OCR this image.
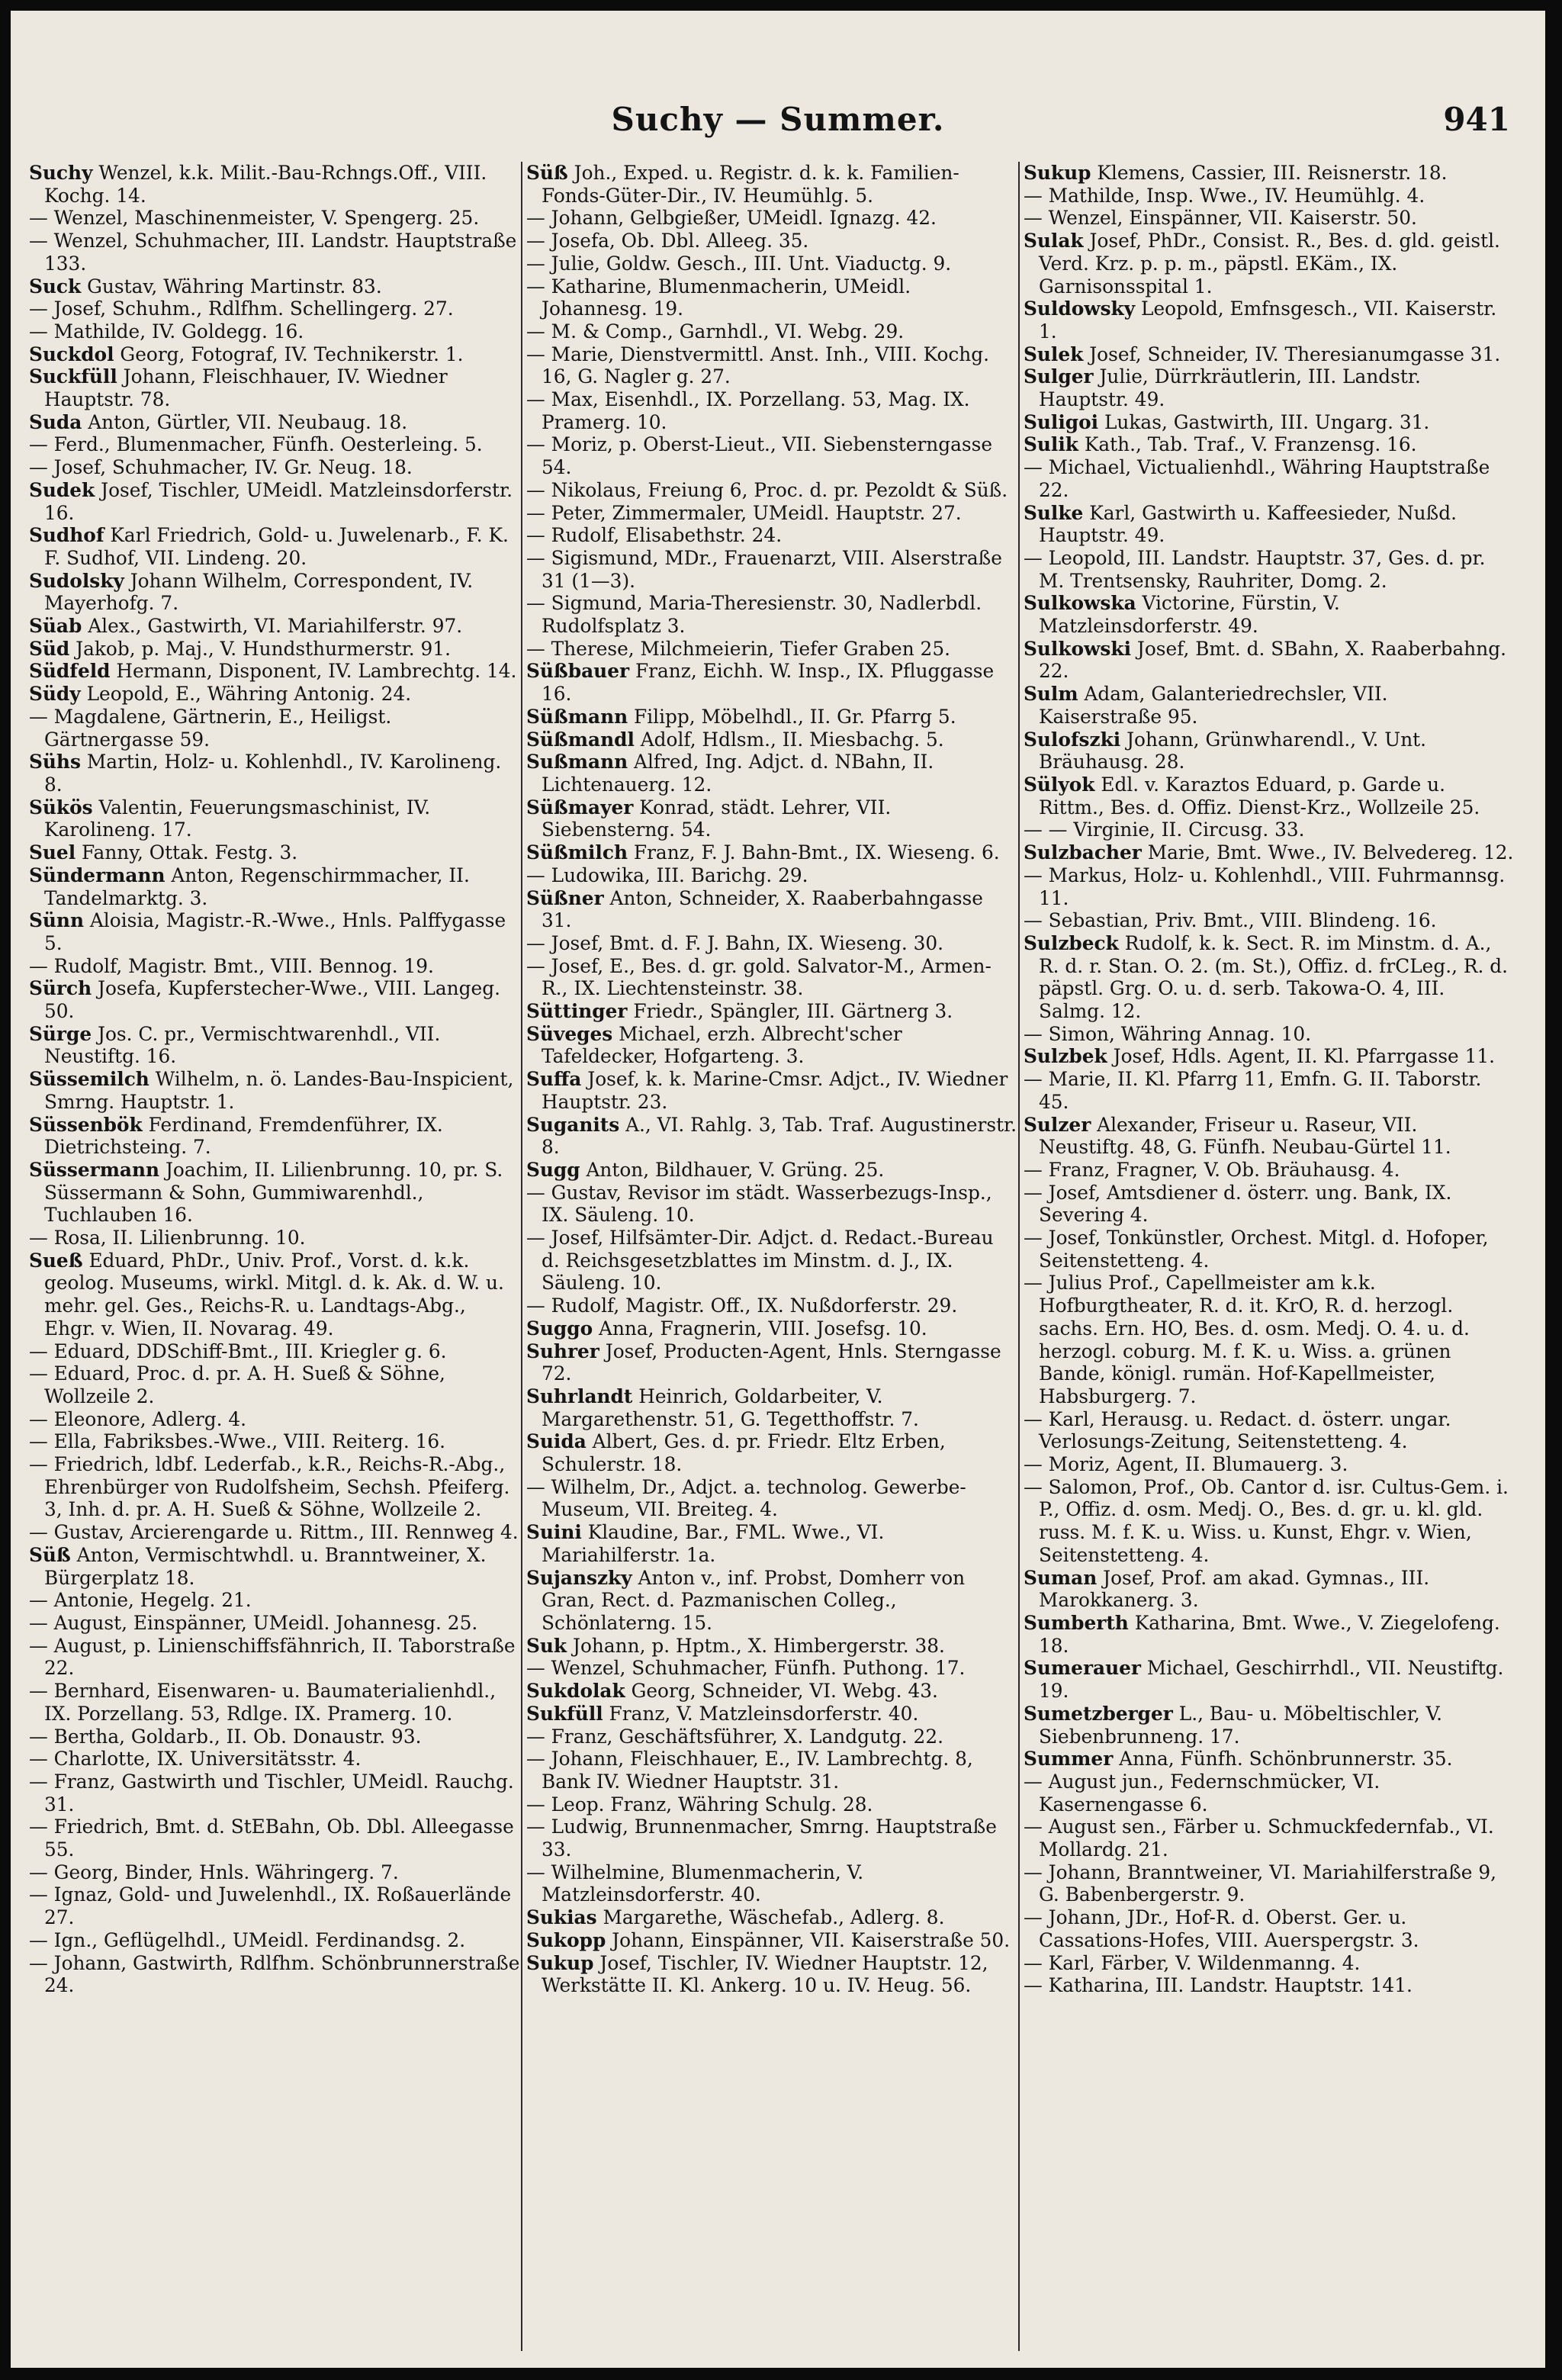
Suchy — Summer.	941

Suchy Wenzel, k.k. Milit.-Bau-Rchngs.Off., VIII. Kochg. 14.

— Wenzel, Maschinenmeister, V. Spengerg. 25.

— Wenzel, Schuhmacher, III. Landstr. Hauptstraße 133.

Suck Gustav, Währing Martinstr. 83.

— Josef, Schuhm., Rdlfhm. Schellingerg. 27.

— Mathilde, IV. Goldegg. 16.

Suckdol Georg, Fotograf, IV. Technikerstr. 1.

Suckfüll Johann, Fleischhauer, IV. Wiedner Hauptstr. 78.

Suda Anton, Gürtler, VII. Neubaug. 18.

— Ferd., Blumenmacher, Fünfh. Oesterleing. 5.

— Josef, Schuhmacher, IV. Gr. Neug. 18.

Sudek Josef, Tischler, UMeidl. Matzleinsdorferstr. 16.

Sudhof Karl Friedrich, Gold- u. Juwelenarb., F. K. F. Sudhof, VII. Lindeng. 20.

Sudolsky Johann Wilhelm, Correspondent, IV. Mayerhofg. 7.

Süab Alex., Gastwirth, VI. Mariahilferstr. 97.

Süd Jakob, p. Maj., V. Hundsthurmerstr. 91.

Südfeld Hermann, Disponent, IV. Lambrechtg. 14.

Südy Leopold, E., Währing Antonig. 24.

— Magdalene, Gärtnerin, E., Heiligst. Gärtnergasse 59.

Sühs Martin, Holz- u. Kohlenhdl., IV. Karolineng. 8.

Sükös Valentin, Feuerungsmaschinist, IV. Karolineng. 17.

Suel Fanny, Ottak. Festg. 3.

Sündermann Anton, Regenschirmmacher, II. Tandelmarktg. 3.

Sünn Aloisia, Magistr.-R.-Wwe., Hnls. Palffygasse 5.

— Rudolf, Magistr. Bmt., VIII. Bennog. 19.

Sürch Josefa, Kupferstecher-Wwe., VIII. Langeg. 50.

Sürge Jos. C. pr., Vermischtwarenhdl., VII. Neustiftg. 16.

Süssemilch Wilhelm, n. ö. Landes-Bau-Inspicient, Smrng. Hauptstr. 1.

Süssenbök Ferdinand, Fremdenführer, IX. Dietrichsteing. 7.

Süssermann Joachim, II. Lilienbrunng. 10, pr. S. Süssermann & Sohn, Gummiwarenhdl., Tuchlauben 16.

— Rosa, II. Lilienbrunng. 10.

Sueß Eduard, PhDr., Univ. Prof., Vorst. d. k.k. geolog. Museums, wirkl. Mitgl. d. k. Ak. d. W. u. mehr. gel. Ges., Reichs-R. u. Landtags-Abg., Ehgr. v. Wien, II. Novarag. 49.

— Eduard, DDSchiff-Bmt., III. Kriegler g. 6.

— Eduard, Proc. d. pr. A. H. Sueß & Söhne, Wollzeile 2.

— Eleonore, Adlerg. 4.

— Ella, Fabriksbes.-Wwe., VIII. Reiterg. 16.

— Friedrich, ldbf. Lederfab., k.R., Reichs-R.-Abg., Ehrenbürger von Rudolfsheim, Sechsh. Pfeiferg. 3, Inh. d. pr. A. H. Sueß & Söhne, Wollzeile 2.

— Gustav, Arcierengarde u. Rittm., III. Rennweg 4.

Süß Anton, Vermischtwhdl. u. Branntweiner, X. Bürgerplatz 18.

— Antonie, Hegelg. 21.

— August, Einspänner, UMeidl. Johannesg. 25.

— August, p. Linienschiffsfähnrich, II. Taborstraße 22.

— Bernhard, Eisenwaren- u. Baumaterialienhdl., IX. Porzellang. 53, Rdlge. IX. Pramerg. 10.

— Bertha, Goldarb., II. Ob. Donaustr. 93.

— Charlotte, IX. Universitätsstr. 4.

— Franz, Gastwirth und Tischler, UMeidl. Rauchg. 31.

— Friedrich, Bmt. d. StEBahn, Ob. Dbl. Alleegasse 55.

— Georg, Binder, Hnls. Währingerg. 7.

— Ignaz, Gold- und Juwelenhdl., IX. Roßauerlände 27.

— Ign., Geflügelhdl., UMeidl. Ferdinandsg. 2.

— Johann, Gastwirth, Rdlfhm. Schönbrunnerstraße 24.

Süß Joh., Exped. u. Registr. d. k. k. Familien-Fonds-Güter-Dir., IV. Heumühlg. 5.

— Johann, Gelbgießer, UMeidl. Ignazg. 42.

— Josefa, Ob. Dbl. Alleeg. 35.

— Julie, Goldw. Gesch., III. Unt. Viaductg. 9.

— Katharine, Blumenmacherin, UMeidl. Johannesg. 19.

— M. & Comp., Garnhdl., VI. Webg. 29.

— Marie, Dienstvermittl. Anst. Inh., VIII. Kochg. 16, G. Nagler g. 27.

— Max, Eisenhdl., IX. Porzellang. 53, Mag. IX. Pramerg. 10.

— Moriz, p. Oberst-Lieut., VII. Siebensterngasse 54.

— Nikolaus, Freiung 6, Proc. d. pr. Pezoldt & Süß.

— Peter, Zimmermaler, UMeidl. Hauptstr. 27.

— Rudolf, Elisabethstr. 24.

— Sigismund, MDr., Frauenarzt, VIII. Alserstraße 31 (1—3).

— Sigmund, Maria-Theresienstr. 30, Nadlerbdl. Rudolfsplatz 3.

— Therese, Milchmeierin, Tiefer Graben 25.

Süßbauer Franz, Eichh. W. Insp., IX. Pfluggasse 16.

Süßmann Filipp, Möbelhdl., II. Gr. Pfarrg 5.

Süßmandl Adolf, Hdlsm., II. Miesbachg. 5.

Sußmann Alfred, Ing. Adjct. d. NBahn, II. Lichtenauerg. 12.

Süßmayer Konrad, städt. Lehrer, VII. Siebensterng. 54.

Süßmilch Franz, F. J. Bahn-Bmt., IX. Wieseng. 6.

— Ludowika, III. Barichg. 29.

Süßner Anton, Schneider, X. Raaberbahngasse 31.

— Josef, Bmt. d. F. J. Bahn, IX. Wieseng. 30.

— Josef, E., Bes. d. gr. gold. Salvator-M., Armen-R., IX. Liechtensteinstr. 38.

Süttinger Friedr., Spängler, III. Gärtnerg 3.

Süveges Michael, erzh. Albrecht'scher Tafeldecker, Hofgarteng. 3.

Suffa Josef, k. k. Marine-Cmsr. Adjct., IV. Wiedner Hauptstr. 23.

Suganits A., VI. Rahlg. 3, Tab. Traf. Augustinerstr. 8.

Sugg Anton, Bildhauer, V. Grüng. 25.

— Gustav, Revisor im städt. Wasserbezugs-Insp., IX. Säuleng. 10.

— Josef, Hilfsämter-Dir. Adjct. d. Redact.-Bureau d. Reichsgesetzblattes im Minstm. d. J., IX. Säuleng. 10.

— Rudolf, Magistr. Off., IX. Nußdorferstr. 29.

Suggo Anna, Fragnerin, VIII. Josefsg. 10.

Suhrer Josef, Producten-Agent, Hnls. Sterngasse 72.

Suhrlandt Heinrich, Goldarbeiter, V. Margarethenstr. 51, G. Tegetthoffstr. 7.

Suida Albert, Ges. d. pr. Friedr. Eltz Erben, Schulerstr. 18.

— Wilhelm, Dr., Adjct. a. technolog. Gewerbe-Museum, VII. Breiteg. 4.

Suini Klaudine, Bar., FML. Wwe., VI. Mariahilferstr. 1a.

Sujanszky Anton v., inf. Probst, Domherr von Gran, Rect. d. Pazmanischen Colleg., Schönlaterng. 15.

Suk Johann, p. Hptm., X. Himbergerstr. 38.

— Wenzel, Schuhmacher, Fünfh. Puthong. 17.

Sukdolak Georg, Schneider, VI. Webg. 43.

Sukfüll Franz, V. Matzleinsdorferstr. 40.

— Franz, Geschäftsführer, X. Landgutg. 22.

— Johann, Fleischhauer, E., IV. Lambrechtg. 8, Bank IV. Wiedner Hauptstr. 31.

— Leop. Franz, Währing Schulg. 28.

— Ludwig, Brunnenmacher, Smrng. Hauptstraße 33.

— Wilhelmine, Blumenmacherin, V. Matzleinsdorferstr. 40.

Sukias Margarethe, Wäschefab., Adlerg. 8.

Sukopp Johann, Einspänner, VII. Kaiserstraße 50.

Sukup Josef, Tischler, IV. Wiedner Hauptstr. 12, Werkstätte II. Kl. Ankerg. 10 u. IV. Heug. 56.

Sukup Klemens, Cassier, III. Reisnerstr. 18.

— Mathilde, Insp. Wwe., IV. Heumühlg. 4.

— Wenzel, Einspänner, VII. Kaiserstr. 50.

Sulak Josef, PhDr., Consist. R., Bes. d. gld. geistl. Verd. Krz. p. p. m., päpstl. EKäm., IX. Garnisonsspital 1.

Suldowsky Leopold, Emfnsgesch., VII. Kaiserstr. 1.

Sulek Josef, Schneider, IV. Theresianumgasse 31.

Sulger Julie, Dürrkräutlerin, III. Landstr. Hauptstr. 49.

Suligoi Lukas, Gastwirth, III. Ungarg. 31.

Sulik Kath., Tab. Traf., V. Franzensg. 16.

— Michael, Victualienhdl., Währing Hauptstraße 22.

Sulke Karl, Gastwirth u. Kaffeesieder, Nußd. Hauptstr. 49.

— Leopold, III. Landstr. Hauptstr. 37, Ges. d. pr. M. Trentsensky, Rauhriter, Domg. 2.

Sulkowska Victorine, Fürstin, V. Matzleinsdorferstr. 49.

Sulkowski Josef, Bmt. d. SBahn, X. Raaberbahng. 22.

Sulm Adam, Galanteriedrechsler, VII. Kaiserstraße 95.

Sulofszki Johann, Grünwharendl., V. Unt. Bräuhausg. 28.

Sülyok Edl. v. Karaztos Eduard, p. Garde u. Rittm., Bes. d. Offiz. Dienst-Krz., Wollzeile 25.

— — Virginie, II. Circusg. 33.

Sulzbacher Marie, Bmt. Wwe., IV. Belvedereg. 12.

— Markus, Holz- u. Kohlenhdl., VIII. Fuhrmannsg. 11.

— Sebastian, Priv. Bmt., VIII. Blindeng. 16.

Sulzbeck Rudolf, k. k. Sect. R. im Minstm. d. A., R. d. r. Stan. O. 2. (m. St.), Offiz. d. frCLeg., R. d. päpstl. Grg. O. u. d. serb. Takowa-O. 4, III. Salmg. 12.

— Simon, Währing Annag. 10.

Sulzbek Josef, Hdls. Agent, II. Kl. Pfarrgasse 11.

— Marie, II. Kl. Pfarrg 11, Emfn. G. II. Taborstr. 45.

Sulzer Alexander, Friseur u. Raseur, VII. Neustiftg. 48, G. Fünfh. Neubau-Gürtel 11.

— Franz, Fragner, V. Ob. Bräuhausg. 4.

— Josef, Amtsdiener d. österr. ung. Bank, IX. Severing 4.

— Josef, Tonkünstler, Orchest. Mitgl. d. Hofoper, Seitenstetteng. 4.

— Julius Prof., Capellmeister am k.k. Hofburgtheater, R. d. it. KrO, R. d. herzogl. sachs. Ern. HO, Bes. d. osm. Medj. O. 4. u. d. herzogl. coburg. M. f. K. u. Wiss. a. grünen Bande, königl. rumän. Hof-Kapellmeister, Habsburgerg. 7.

— Karl, Herausg. u. Redact. d. österr. ungar. Verlosungs-Zeitung, Seitenstetteng. 4.

— Moriz, Agent, II. Blumauerg. 3.

— Salomon, Prof., Ob. Cantor d. isr. Cultus-Gem. i. P., Offiz. d. osm. Medj. O., Bes. d. gr. u. kl. gld. russ. M. f. K. u. Wiss. u. Kunst, Ehgr. v. Wien, Seitenstetteng. 4.

Suman Josef, Prof. am akad. Gymnas., III. Marokkanerg. 3.

Sumberth Katharina, Bmt. Wwe., V. Ziegelofeng. 18.

Sumerauer Michael, Geschirrhdl., VII. Neustiftg. 19.

Sumetzberger L., Bau- u. Möbeltischler, V. Siebenbrunneng. 17.

Summer Anna, Fünfh. Schönbrunnerstr. 35.

— August jun., Federnschmücker, VI. Kasernengasse 6.

— August sen., Färber u. Schmuckfedernfab., VI. Mollardg. 21.

— Johann, Branntweiner, VI. Mariahilferstraße 9, G. Babenbergerstr. 9.

— Johann, JDr., Hof-R. d. Oberst. Ger. u. Cassations-Hofes, VIII. Auerspergstr. 3.

— Karl, Färber, V. Wildenmanng. 4.

— Katharina, III. Landstr. Hauptstr. 141.
